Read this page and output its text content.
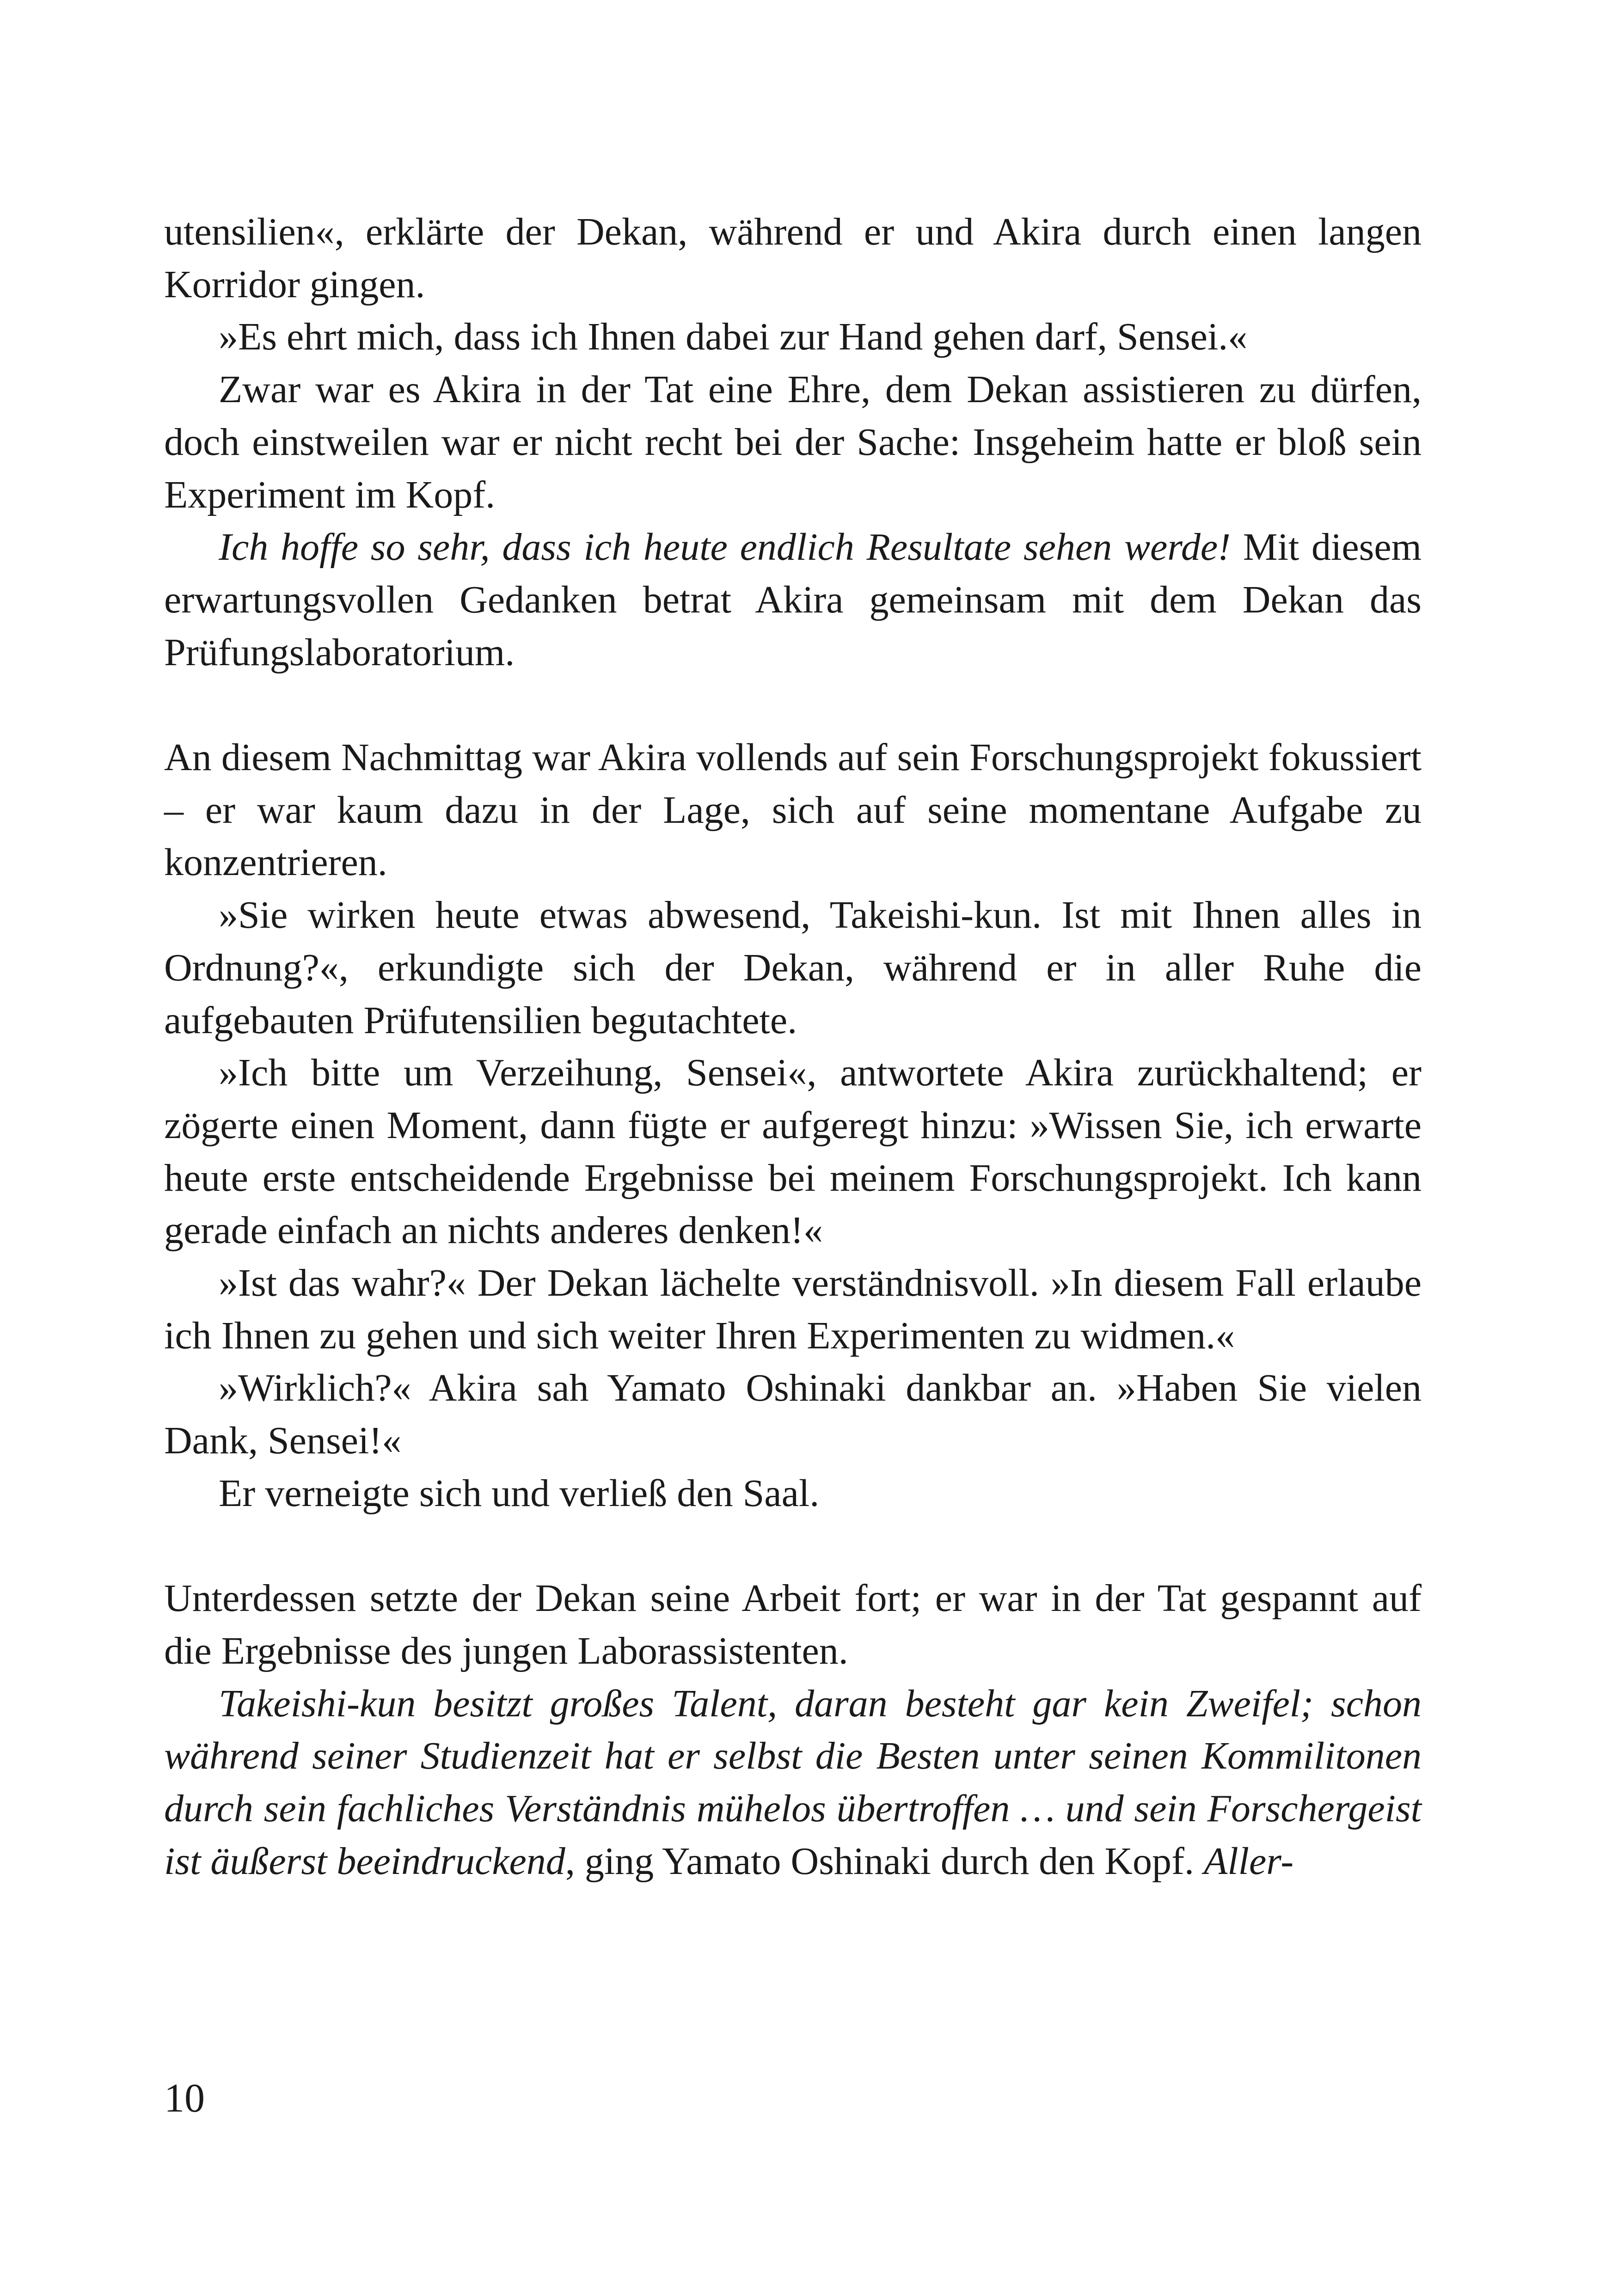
utensilien«, erklärte der Dekan, während er und Akira durch einen langen Korridor gingen.

»Es ehrt mich, dass ich Ihnen dabei zur Hand gehen darf, Sensei.«

Zwar war es Akira in der Tat eine Ehre, dem Dekan assistieren zu dürfen, doch einstweilen war er nicht recht bei der Sache: Insgeheim hatte er bloß sein Experiment im Kopf.

Ich hoffe so sehr, dass ich heute endlich Resultate sehen werde! Mit diesem erwartungsvollen Gedanken betrat Akira gemeinsam mit dem Dekan das Prüfungslaboratorium.

An diesem Nachmittag war Akira vollends auf sein Forschungsprojekt fokussiert – er war kaum dazu in der Lage, sich auf seine momentane Aufgabe zu konzentrieren.

»Sie wirken heute etwas abwesend, Takeishi-kun. Ist mit Ihnen alles in Ordnung?«, erkundigte sich der Dekan, während er in aller Ruhe die aufgebauten Prüfutensilien begutachtete.

»Ich bitte um Verzeihung, Sensei«, antwortete Akira zurückhaltend; er zögerte einen Moment, dann fügte er aufgeregt hinzu: »Wissen Sie, ich erwarte heute erste entscheidende Ergebnisse bei meinem Forschungsprojekt. Ich kann gerade einfach an nichts anderes denken!«

»Ist das wahr?« Der Dekan lächelte verständnisvoll. »In diesem Fall erlaube ich Ihnen zu gehen und sich weiter Ihren Experimenten zu widmen.«

»Wirklich?« Akira sah Yamato Oshinaki dankbar an. »Haben Sie vielen Dank, Sensei!«

Er verneigte sich und verließ den Saal.

Unterdessen setzte der Dekan seine Arbeit fort; er war in der Tat gespannt auf die Ergebnisse des jungen Laborassistenten.

Takeishi-kun besitzt großes Talent, daran besteht gar kein Zweifel; schon während seiner Studienzeit hat er selbst die Besten unter seinen Kommilitonen durch sein fachliches Verständnis mühelos übertroffen … und sein Forschergeist ist äußerst beeindruckend, ging Yamato Oshinaki durch den Kopf. Aller-

10
